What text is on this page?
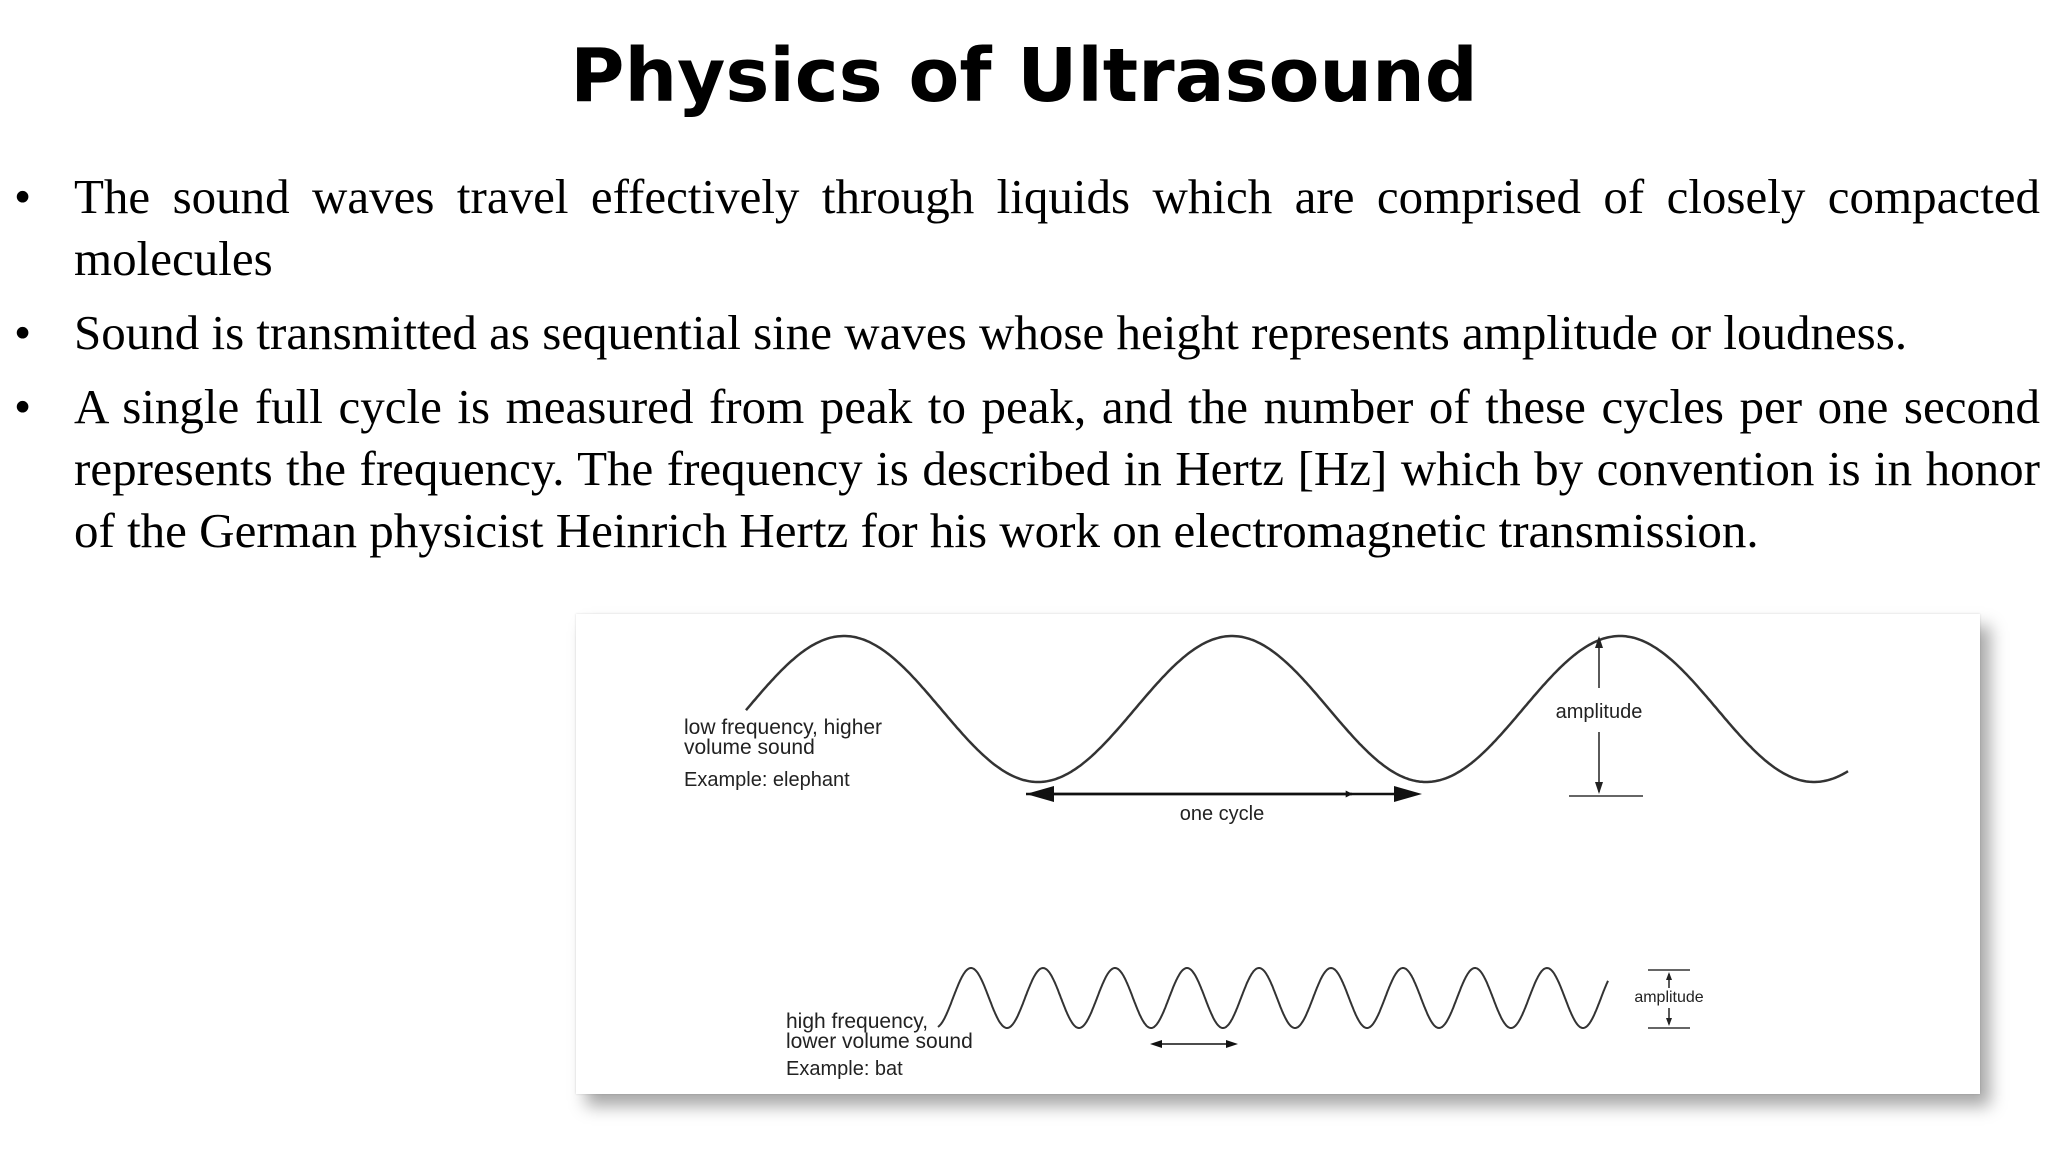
Physics of Ultrasound
• The sound waves travel effectively through liquids which are comprised of closely compacted molecules
• Sound is transmitted as sequential sine waves whose height represents amplitude or loudness.
• A single full cycle is measured from peak to peak, and the number of these cycles per one second represents the frequency. The frequency is described in Hertz [Hz] which by convention is in honor of the German physicist Heinrich Hertz for his work on electromagnetic transmission.
low frequency, higher
volume sound
Example: elephant
one cycle
amplitude
amplitude
high frequency,
lower volume sound
Example: bat
